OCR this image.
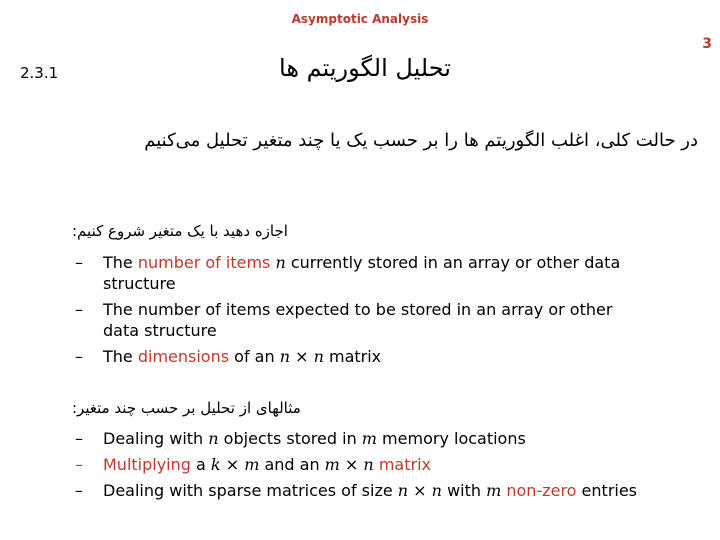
Asymptotic Analysis
3
2.3.1	تحلیل الگوریتم ها
در حالت کلی، اغلب الگوریتم ها را بر حسب یک یا چند متغیر تحلیل می‌کنیم
اجازه دهید با یک متغیر شروع کنیم:
– The number of items n currently stored in an array or other data structure
– The number of items expected to be stored in an array or other data structure
– The dimensions of an n × n matrix
مثالهای از تحلیل بر حسب چند متغیر:
– Dealing with n objects stored in m memory locations
– Multiplying a k × m and an m × n matrix
– Dealing with sparse matrices of size n × n with m non-zero entries
